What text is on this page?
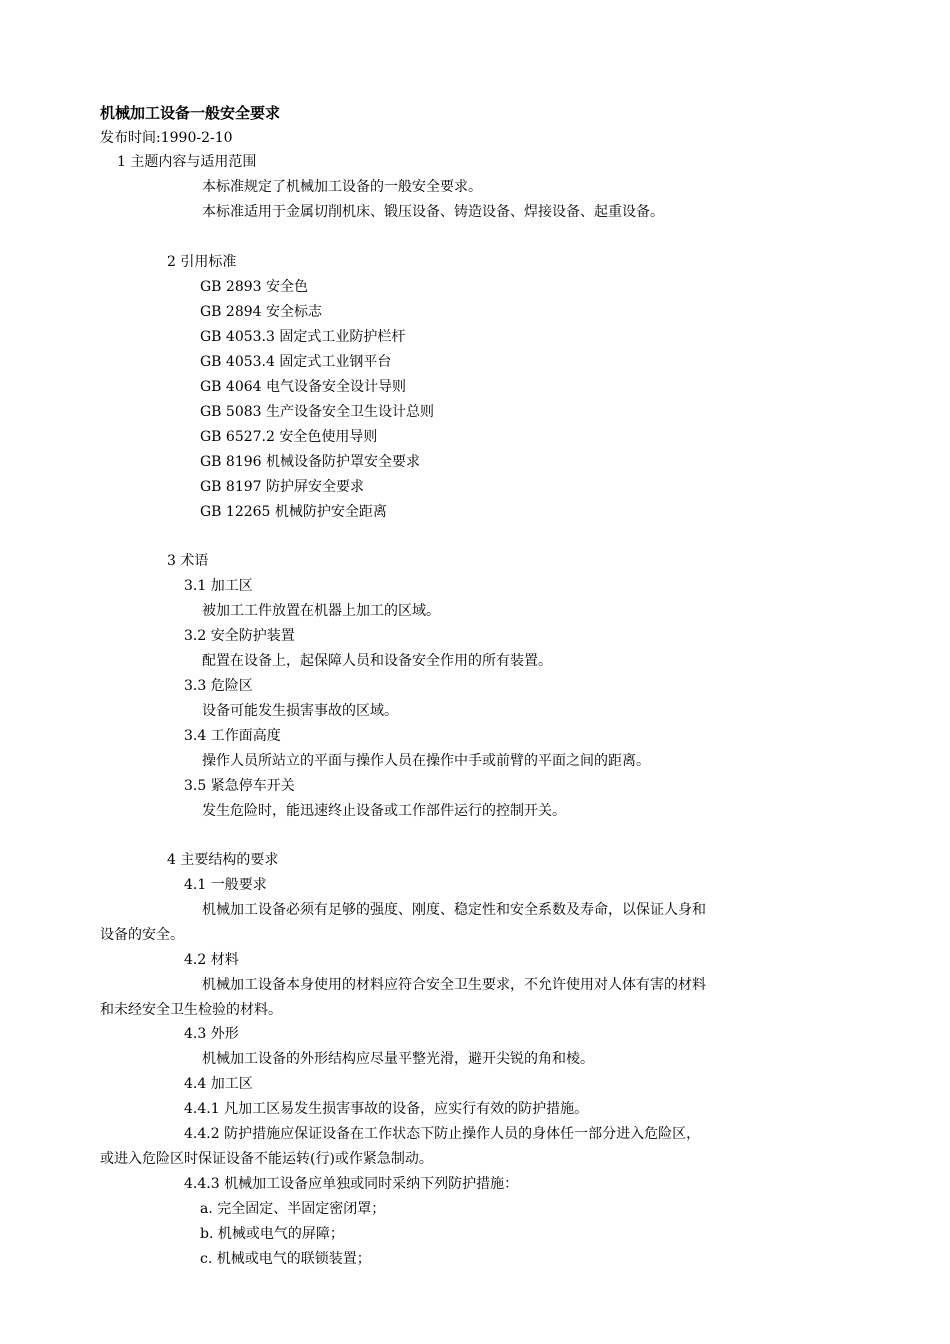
机械加工设备一般安全要求
发布时间:1990-2-10
1 主题内容与适用范围
本标准规定了机械加工设备的一般安全要求。
本标准适用于金属切削机床、锻压设备、铸造设备、焊接设备、起重设备。
2 引用标准
GB 2893 安全色
GB 2894 安全标志
GB 4053.3 固定式工业防护栏杆
GB 4053.4 固定式工业钢平台
GB 4064 电气设备安全设计导则
GB 5083 生产设备安全卫生设计总则
GB 6527.2 安全色使用导则
GB 8196 机械设备防护罩安全要求
GB 8197 防护屏安全要求
GB 12265 机械防护安全距离
3 术语
3.1 加工区
被加工工件放置在机器上加工的区域。
3.2 安全防护装置
配置在设备上，起保障人员和设备安全作用的所有装置。
3.3 危险区
设备可能发生损害事故的区域。
3.4 工作面高度
操作人员所站立的平面与操作人员在操作中手或前臂的平面之间的距离。
3.5 紧急停车开关
发生危险时，能迅速终止设备或工作部件运行的控制开关。
4 主要结构的要求
4.1 一般要求
机械加工设备必须有足够的强度、刚度、稳定性和安全系数及寿命，以保证人身和
设备的安全。
4.2 材料
机械加工设备本身使用的材料应符合安全卫生要求，不允许使用对人体有害的材料
和未经安全卫生检验的材料。
4.3 外形
机械加工设备的外形结构应尽量平整光滑，避开尖锐的角和棱。
4.4 加工区
4.4.1 凡加工区易发生损害事故的设备，应实行有效的防护措施。
4.4.2 防护措施应保证设备在工作状态下防止操作人员的身体任一部分进入危险区，
或进入危险区时保证设备不能运转(行)或作紧急制动。
4.4.3 机械加工设备应单独或同时采纳下列防护措施：
a. 完全固定、半固定密闭罩；
b. 机械或电气的屏障；
c. 机械或电气的联锁装置；
